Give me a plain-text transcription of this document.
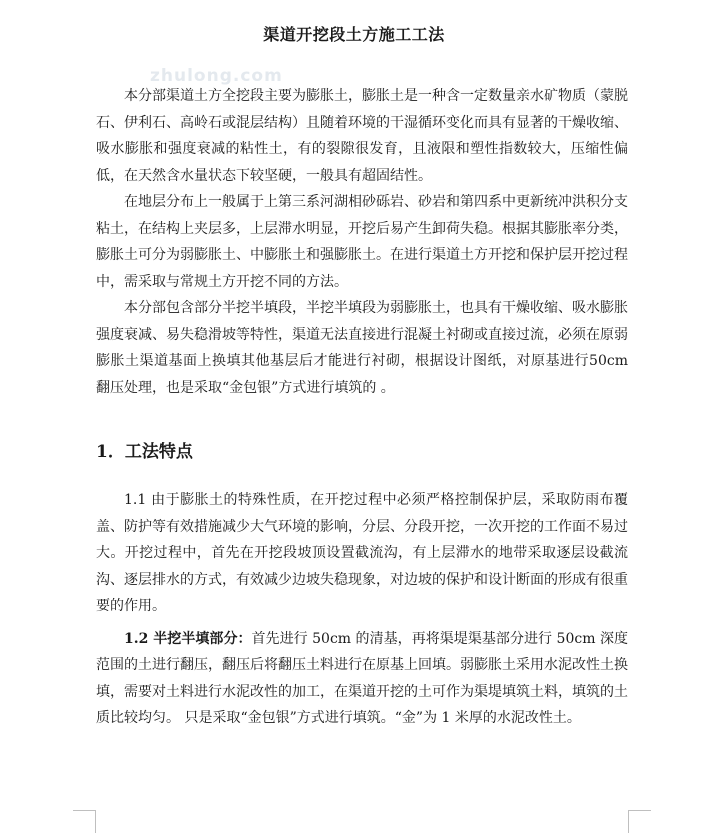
渠道开挖段土方施工工法
zhulong.com

本分部渠道土方全挖段主要为膨胀土，膨胀土是一种含一定数量亲水矿物质（蒙脱石、伊利石、高岭石或混层结构）且随着环境的干湿循环变化而具有显著的干燥收缩、吸水膨胀和强度衰减的粘性土，有的裂隙很发育，且液限和塑性指数较大，压缩性偏低，在天然含水量状态下较坚硬，一般具有超固结性。

在地层分布上一般属于上第三系河湖相砂砾岩、砂岩和第四系中更新统冲洪积分支粘土，在结构上夹层多，上层滞水明显，开挖后易产生卸荷失稳。根据其膨胀率分类，膨胀土可分为弱膨胀土、中膨胀土和强膨胀土。在进行渠道土方开挖和保护层开挖过程中，需采取与常规土方开挖不同的方法。

本分部包含部分半挖半填段，半挖半填段为弱膨胀土，也具有干燥收缩、吸水膨胀强度衰减、易失稳滑坡等特性，渠道无法直接进行混凝土衬砌或直接过流，必须在原弱膨胀土渠道基面上换填其他基层后才能进行衬砌，根据设计图纸，对原基进行50cm 翻压处理，也是采取“金包银”方式进行填筑的 。

1．工法特点

1.1 由于膨胀土的特殊性质，在开挖过程中必须严格控制保护层，采取防雨布覆盖、防护等有效措施减少大气环境的影响，分层、分段开挖，一次开挖的工作面不易过大。开挖过程中，首先在开挖段坡顶设置截流沟，有上层滞水的地带采取逐层设截流沟、逐层排水的方式，有效减少边坡失稳现象，对边坡的保护和设计断面的形成有很重要的作用。

1.2 半挖半填部分：首先进行 50cm 的清基，再将渠堤渠基部分进行 50cm 深度范围的土进行翻压，翻压后将翻压土料进行在原基上回填。弱膨胀土采用水泥改性土换填，需要对土料进行水泥改性的加工，在渠道开挖的土可作为渠堤填筑土料，填筑的土质比较均匀。 只是采取“金包银”方式进行填筑。“金”为 1 米厚的水泥改性土。
